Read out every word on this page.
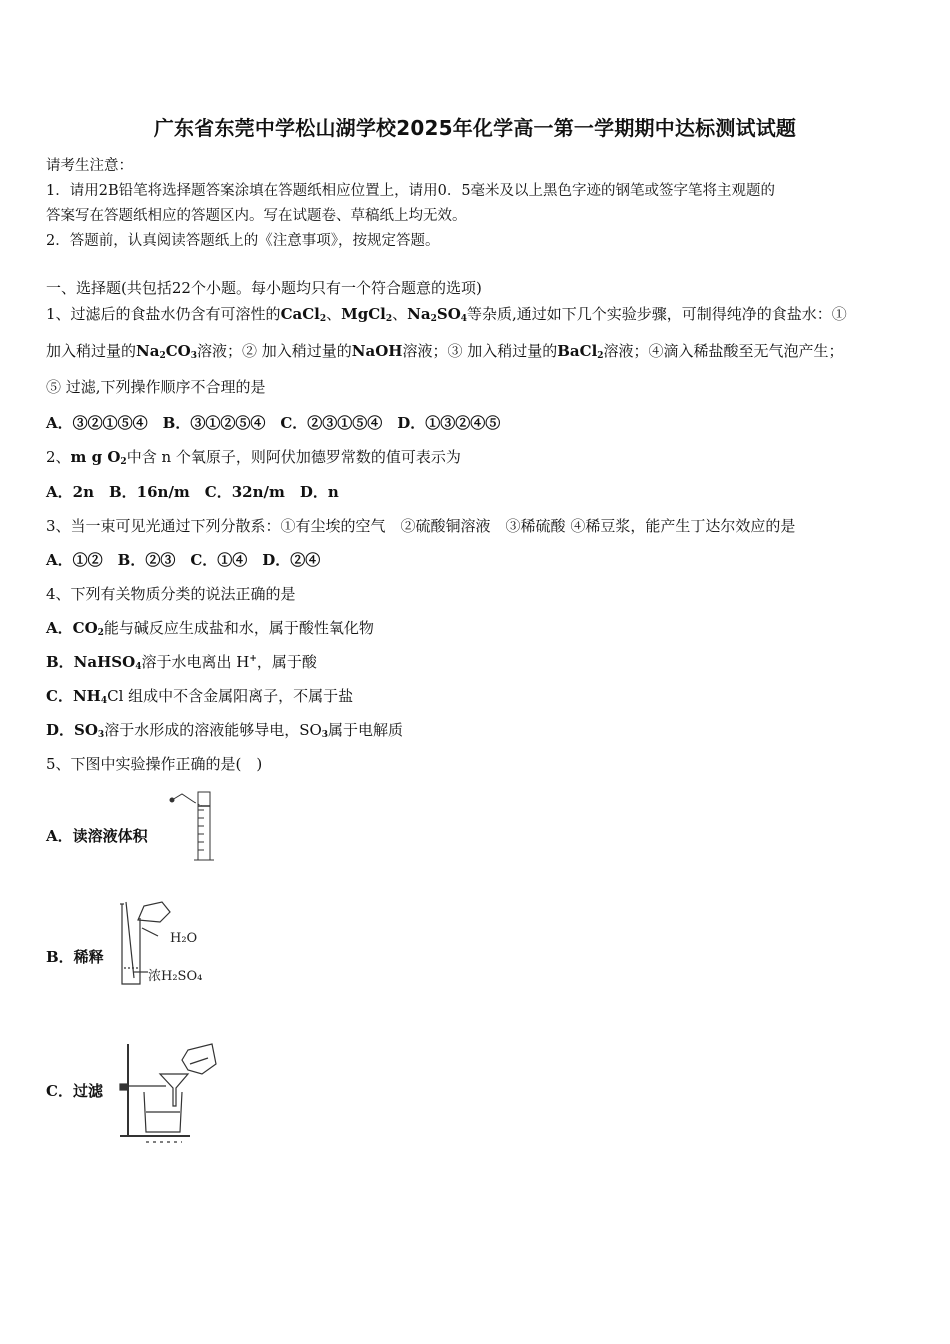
广东省东莞中学松山湖学校2025年化学高一第一学期期中达标测试试题
请考生注意：
1．请用2B铅笔将选择题答案涂填在答题纸相应位置上，请用0．5毫米及以上黑色字迹的钢笔或签字笔将主观题的
答案写在答题纸相应的答题区内。写在试题卷、草稿纸上均无效。
2．答题前，认真阅读答题纸上的《注意事项》，按规定答题。
一、选择题(共包括22个小题。每小题均只有一个符合题意的选项)
1、过滤后的食盐水仍含有可溶性的CaCl$_2$、MgCl$_2$、$Na_2SO_4$等杂质,通过如下几个实验步骤，可制得纯净的食盐水：①
加入稍过量的$Na_2CO_3$溶液；② 加入稍过量的NaOH溶液；③ 加入稍过量的BaCl$_2$溶液；④滴入稀盐酸至无气泡产生；
⑤ 过滤,下列操作顺序不合理的是
A．③②①⑤④　B．③①②⑤④　C．②③①⑤④　D．①③②④⑤
2、m g $O_2$中含 n 个氧原子，则阿伏加德罗常数的值可表示为
A．2n　B．16n/m　C．32n/m　D．n
3、当一束可见光通过下列分散系：①有尘埃的空气　②硫酸铜溶液　③稀硫酸 ④稀豆浆，能产生丁达尔效应的是
A．①②　B．②③　C．①④　D．②④
4、下列有关物质分类的说法正确的是
A．$CO_2$能与碱反应生成盐和水，属于酸性氧化物
B．NaHSO$_4$溶于水电离出 H+，属于酸
C．$NH_4Cl$ 组成中不含金属阳离子，不属于盐
D．$SO_3$溶于水形成的溶液能够导电，$SO_3$属于电解质
5、下图中实验操作正确的是(　)
A．读溶液体积
B．稀释
H₂O
浓H₂SO₄
C．过滤
